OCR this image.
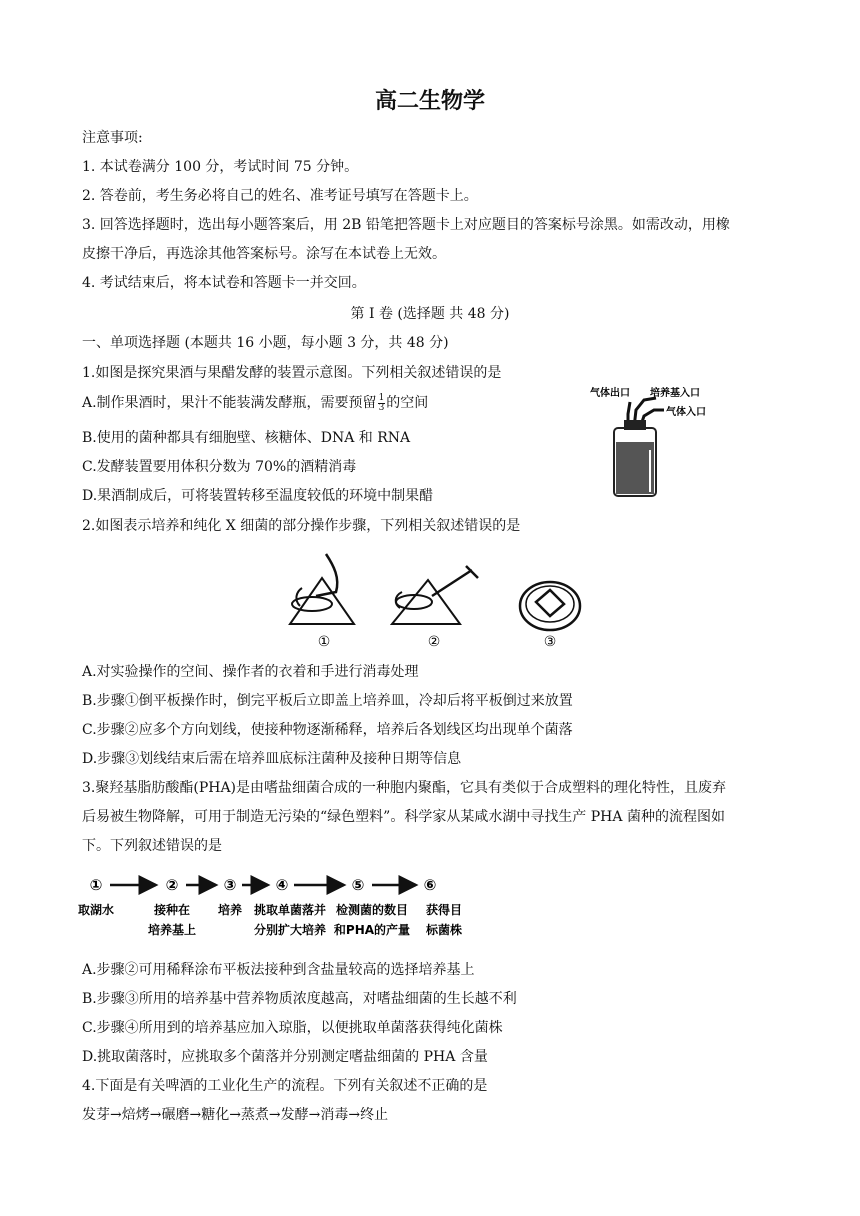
高二生物学
注意事项:
1. 本试卷满分 100 分，考试时间 75 分钟。
2. 答卷前，考生务必将自己的姓名、准考证号填写在答题卡上。
3. 回答选择题时，选出每小题答案后，用 2B 铅笔把答题卡上对应题目的答案标号涂黑。如需改动，用橡
皮擦干净后，再选涂其他答案标号。涂写在本试卷上无效。
4. 考试结束后，将本试卷和答题卡一并交回。
第 I 卷 (选择题 共 48 分)
一、单项选择题 (本题共 16 小题，每小题 3 分，共 48 分)
1.如图是探究果酒与果醋发酵的装置示意图。下列相关叙述错误的是
A.制作果酒时，果汁不能装满发酵瓶，需要预留 $\frac{1}{3}$ 的空间
B.使用的菌种都具有细胞壁、核糖体、DNA 和 RNA
C.发酵装置要用体积分数为 70%的酒精消毒
D.果酒制成后，可将装置转移至温度较低的环境中制果醋
气体出口 培养基入口
气体入口
2.如图表示培养和纯化 X 细菌的部分操作步骤，下列相关叙述错误的是
①	②	③
A.对实验操作的空间、操作者的衣着和手进行消毒处理
B.步骤①倒平板操作时，倒完平板后立即盖上培养皿，冷却后将平板倒过来放置
C.步骤②应多个方向划线，使接种物逐渐稀释，培养后各划线区均出现单个菌落
D.步骤③划线结束后需在培养皿底标注菌种及接种日期等信息
3.聚羟基脂肪酸酯(PHA)是由嗜盐细菌合成的一种胞内聚酯，它具有类似于合成塑料的理化特性，且废弃
后易被生物降解，可用于制造无污染的“绿色塑料”。科学家从某咸水湖中寻找生产 PHA 菌种的流程图如
下。下列叙述错误的是
①	②	③	④	⑤	⑥
取湖水	接种在
培养基上
培养 挑取单菌落并
分别扩大培养
检测菌的数目
和PHA的产量
获得目
标菌株
A.步骤②可用稀释涂布平板法接种到含盐量较高的选择培养基上
B.步骤③所用的培养基中营养物质浓度越高，对嗜盐细菌的生长越不利
C.步骤④所用到的培养基应加入琼脂，以便挑取单菌落获得纯化菌株
D.挑取菌落时，应挑取多个菌落并分别测定嗜盐细菌的 PHA 含量
4.下面是有关啤酒的工业化生产的流程。下列有关叙述不正确的是
发芽→焙烤→碾磨→糖化→蒸煮→发酵→消毒→终止
